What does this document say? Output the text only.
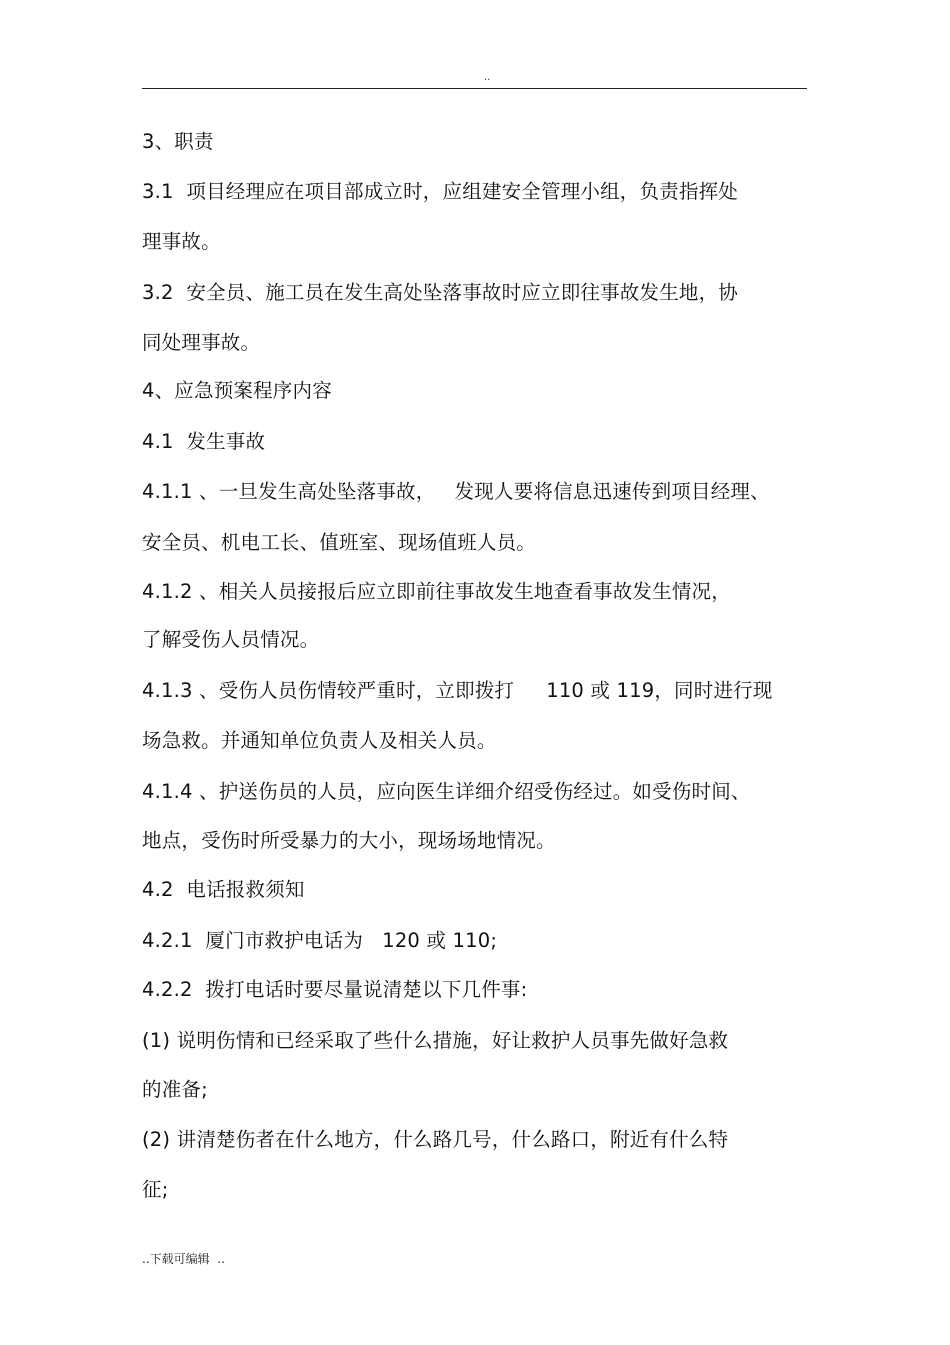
..
3、职责
3.1  项目经理应在项目部成立时，应组建安全管理小组，负责指挥处
理事故。
3.2  安全员、施工员在发生高处坠落事故时应立即往事故发生地，协
同处理事故。
4、应急预案程序内容
4.1  发生事故
4.1.1 、一旦发生高处坠落事故，   发现人要将信息迅速传到项目经理、
安全员、机电工长、值班室、现场值班人员。
4.1.2 、相关人员接报后应立即前往事故发生地查看事故发生情况，
了解受伤人员情况。
4.1.3 、受伤人员伤情较严重时，立即拨打     110 或 119，同时进行现
场急救。并通知单位负责人及相关人员。
4.1.4 、护送伤员的人员，应向医生详细介绍受伤经过。如受伤时间、
地点，受伤时所受暴力的大小，现场场地情况。
4.2  电话报救须知
4.2.1  厦门市救护电话为   120 或 110;
4.2.2  拨打电话时要尽量说清楚以下几件事:
(1) 说明伤情和已经采取了些什么措施，好让救护人员事先做好急救
的准备;
(2) 讲清楚伤者在什么地方，什么路几号，什么路口，附近有什么特
征;
..下载可编辑  ..
